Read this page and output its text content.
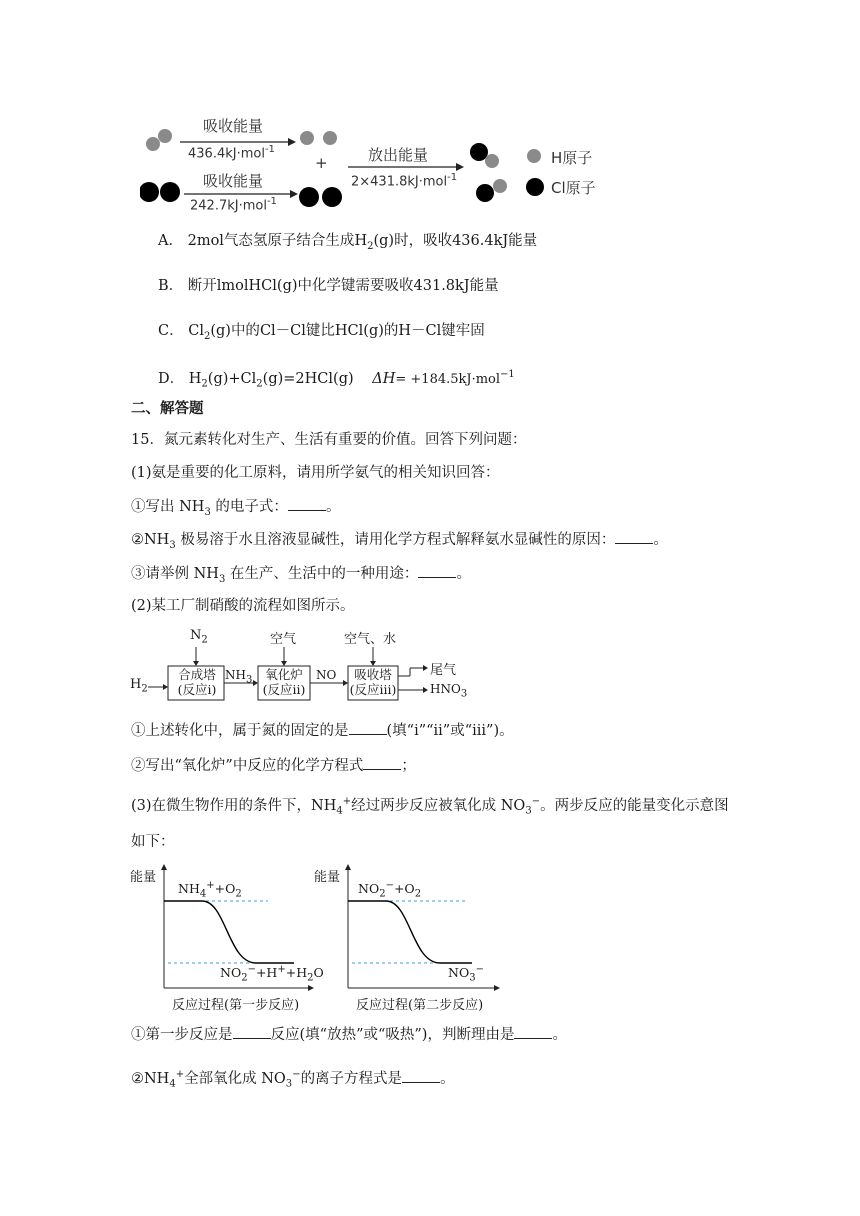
吸收能量
436.4kJ·mol$^{-1}$
吸收能量
242.7kJ·mol$^{-1}$
+	放出能量
2×431.8kJ·mol$^{-1}$
H原子
Cl原子
A． 2mol气态氢原子结合生成$H_2(g)$时，吸收436.4kJ能量
B． 断开lmolHCl(g)中化学键需要吸收431.8kJ能量
C． $Cl_2(g)$中的Cl－Cl键比HCl(g)的H－Cl键牢固
D． $H_2(g)+Cl_2(g)=2HCl(g)$ ΔH= +184.5kJ·mol$^{-1}$
二、解答题
15．氮元素转化对生产、生活有重要的价值。回答下列问题：
(1)氨是重要的化工原料，请用所学氨气的相关知识回答：
①写出 $NH_3$ 的电子式：	。
$②NH_3$ 极易溶于水且溶液显碱性，请用化学方程式解释氨水显碱性的原因：	。
③请举例 $NH_3$ 在生产、生活中的一种用途：	。
(2)某工厂制硝酸的流程如图所示。
$N_2$	空气	空气、水
$H_2$
合成塔
(反应i)
氧化炉
(反应ii)
吸收塔
(反应iii)
$NH_3$	NO	尾气
$HNO_3$
①上述转化中，属于氮的固定的是	(填“i”“ii”或“iii”)。
②写出“氧化炉”中反应的化学方程式	；
(3)在微生物作用的条件下，$NH_4^+$经过两步反应被氧化成 $NO_3^-$。两步反应的能量变化示意图
如下：
能量
$NH_4^++O_2$
$NO_2^-+H^++H_2O$
反应过程(第一步反应)
能量
$NO_2^-+O_2$
$NO_3^-$
反应过程(第二步反应)
①第一步反应是	反应(填“放热”或“吸热”)，判断理由是	。
$②NH_4^+$全部氧化成 $NO_3^-$的离子方程式是	。
